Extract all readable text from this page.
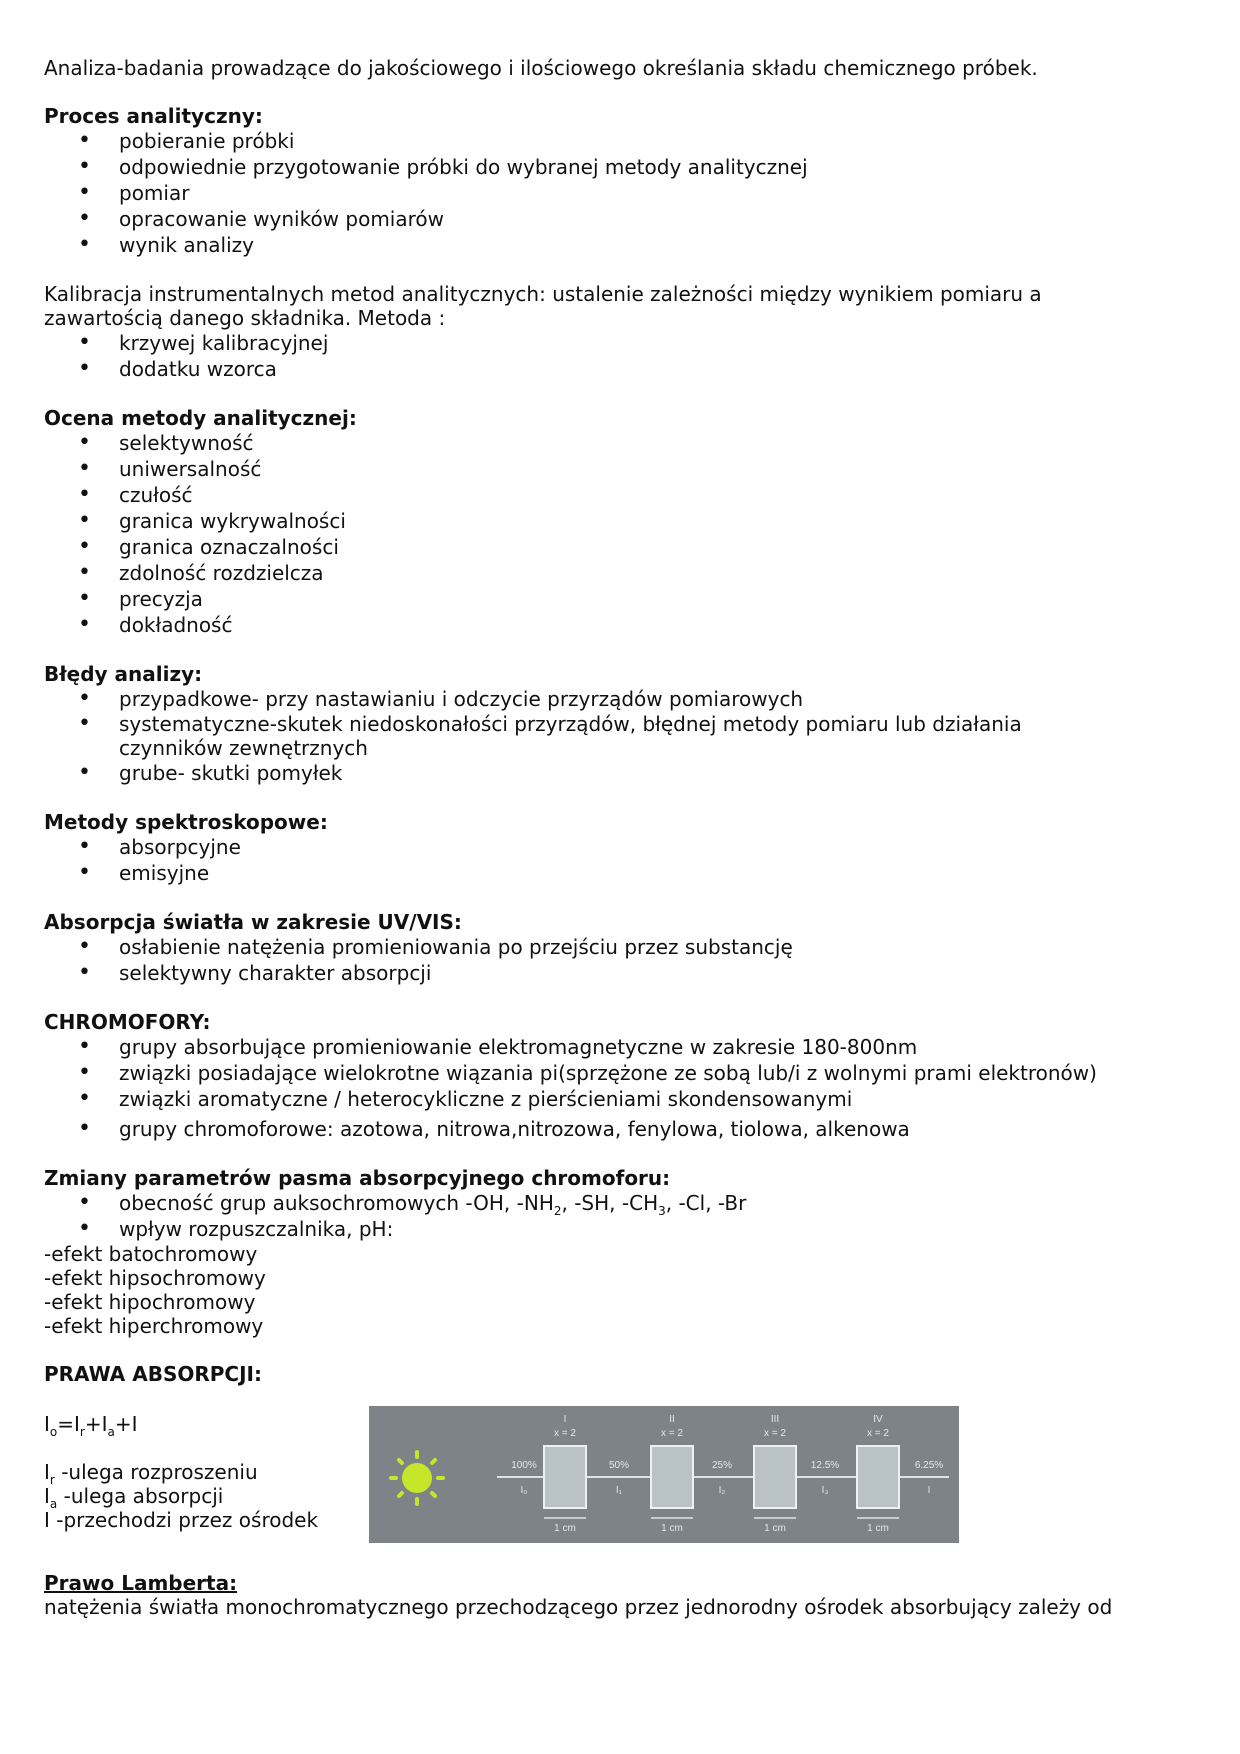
Analiza-badania prowadzące do jakościowego i ilościowego określania składu chemicznego próbek.

Proces analityczny:

• pobieranie próbki
• odpowiednie przygotowanie próbki do wybranej metody analitycznej
• pomiar
• opracowanie wyników pomiarów
• wynik analizy

Kalibracja instrumentalnych metod analitycznych: ustalenie zależności między wynikiem pomiaru a

zawartością danego składnika. Metoda :

• krzywej kalibracyjnej
• dodatku wzorca

Ocena metody analitycznej:

• selektywność
• uniwersalność
• czułość
• granica wykrywalności
• granica oznaczalności
• zdolność rozdzielcza
• precyzja
• dokładność

Błędy analizy:

• przypadkowe- przy nastawianiu i odczycie przyrządów pomiarowych
• systematyczne-skutek niedoskonałości przyrządów, błędnej metody pomiaru lub działania
czynników zewnętrznych
• grube- skutki pomyłek

Metody spektroskopowe:

• absorpcyjne
• emisyjne

Absorpcja światła w zakresie UV/VIS:

• osłabienie natężenia promieniowania po przejściu przez substancję
• selektywny charakter absorpcji

CHROMOFORY:

• grupy absorbujące promieniowanie elektromagnetyczne w zakresie 180-800nm
• związki posiadające wielokrotne wiązania pi(sprzężone ze sobą lub/i z wolnymi prami elektronów)
• związki aromatyczne / heterocykliczne z pierścieniami skondensowanymi
• grupy chromoforowe: azotowa, nitrowa,nitrozowa, fenylowa, tiolowa, alkenowa

Zmiany parametrów pasma absorpcyjnego chromoforu:

• obecność grup auksochromowych -OH, $-NH_2$, -SH, $-CH_3$, -Cl, -Br
• wpływ rozpuszczalnika, pH:

-efekt batochromowy

-efekt hipsochromowy

-efekt hipochromowy

-efekt hiperchromowy

PRAWA ABSORPCJI:

$I_o=I_r+I_a+I$

$I_r$ -ulega rozproszeniu

$I_a$ -ulega absorpcji

I -przechodzi przez ośrodek

I
x = 2
1 cm
II
x = 2
1 cm
III
x = 2
1 cm
IV
x = 2
1 cm
100%
I₀
50%
I₁
25%
I₂
12.5%
I₃
6.25%
I

Prawo Lamberta:

natężenia światła monochromatycznego przechodzącego przez jednorodny ośrodek absorbujący zależy od
